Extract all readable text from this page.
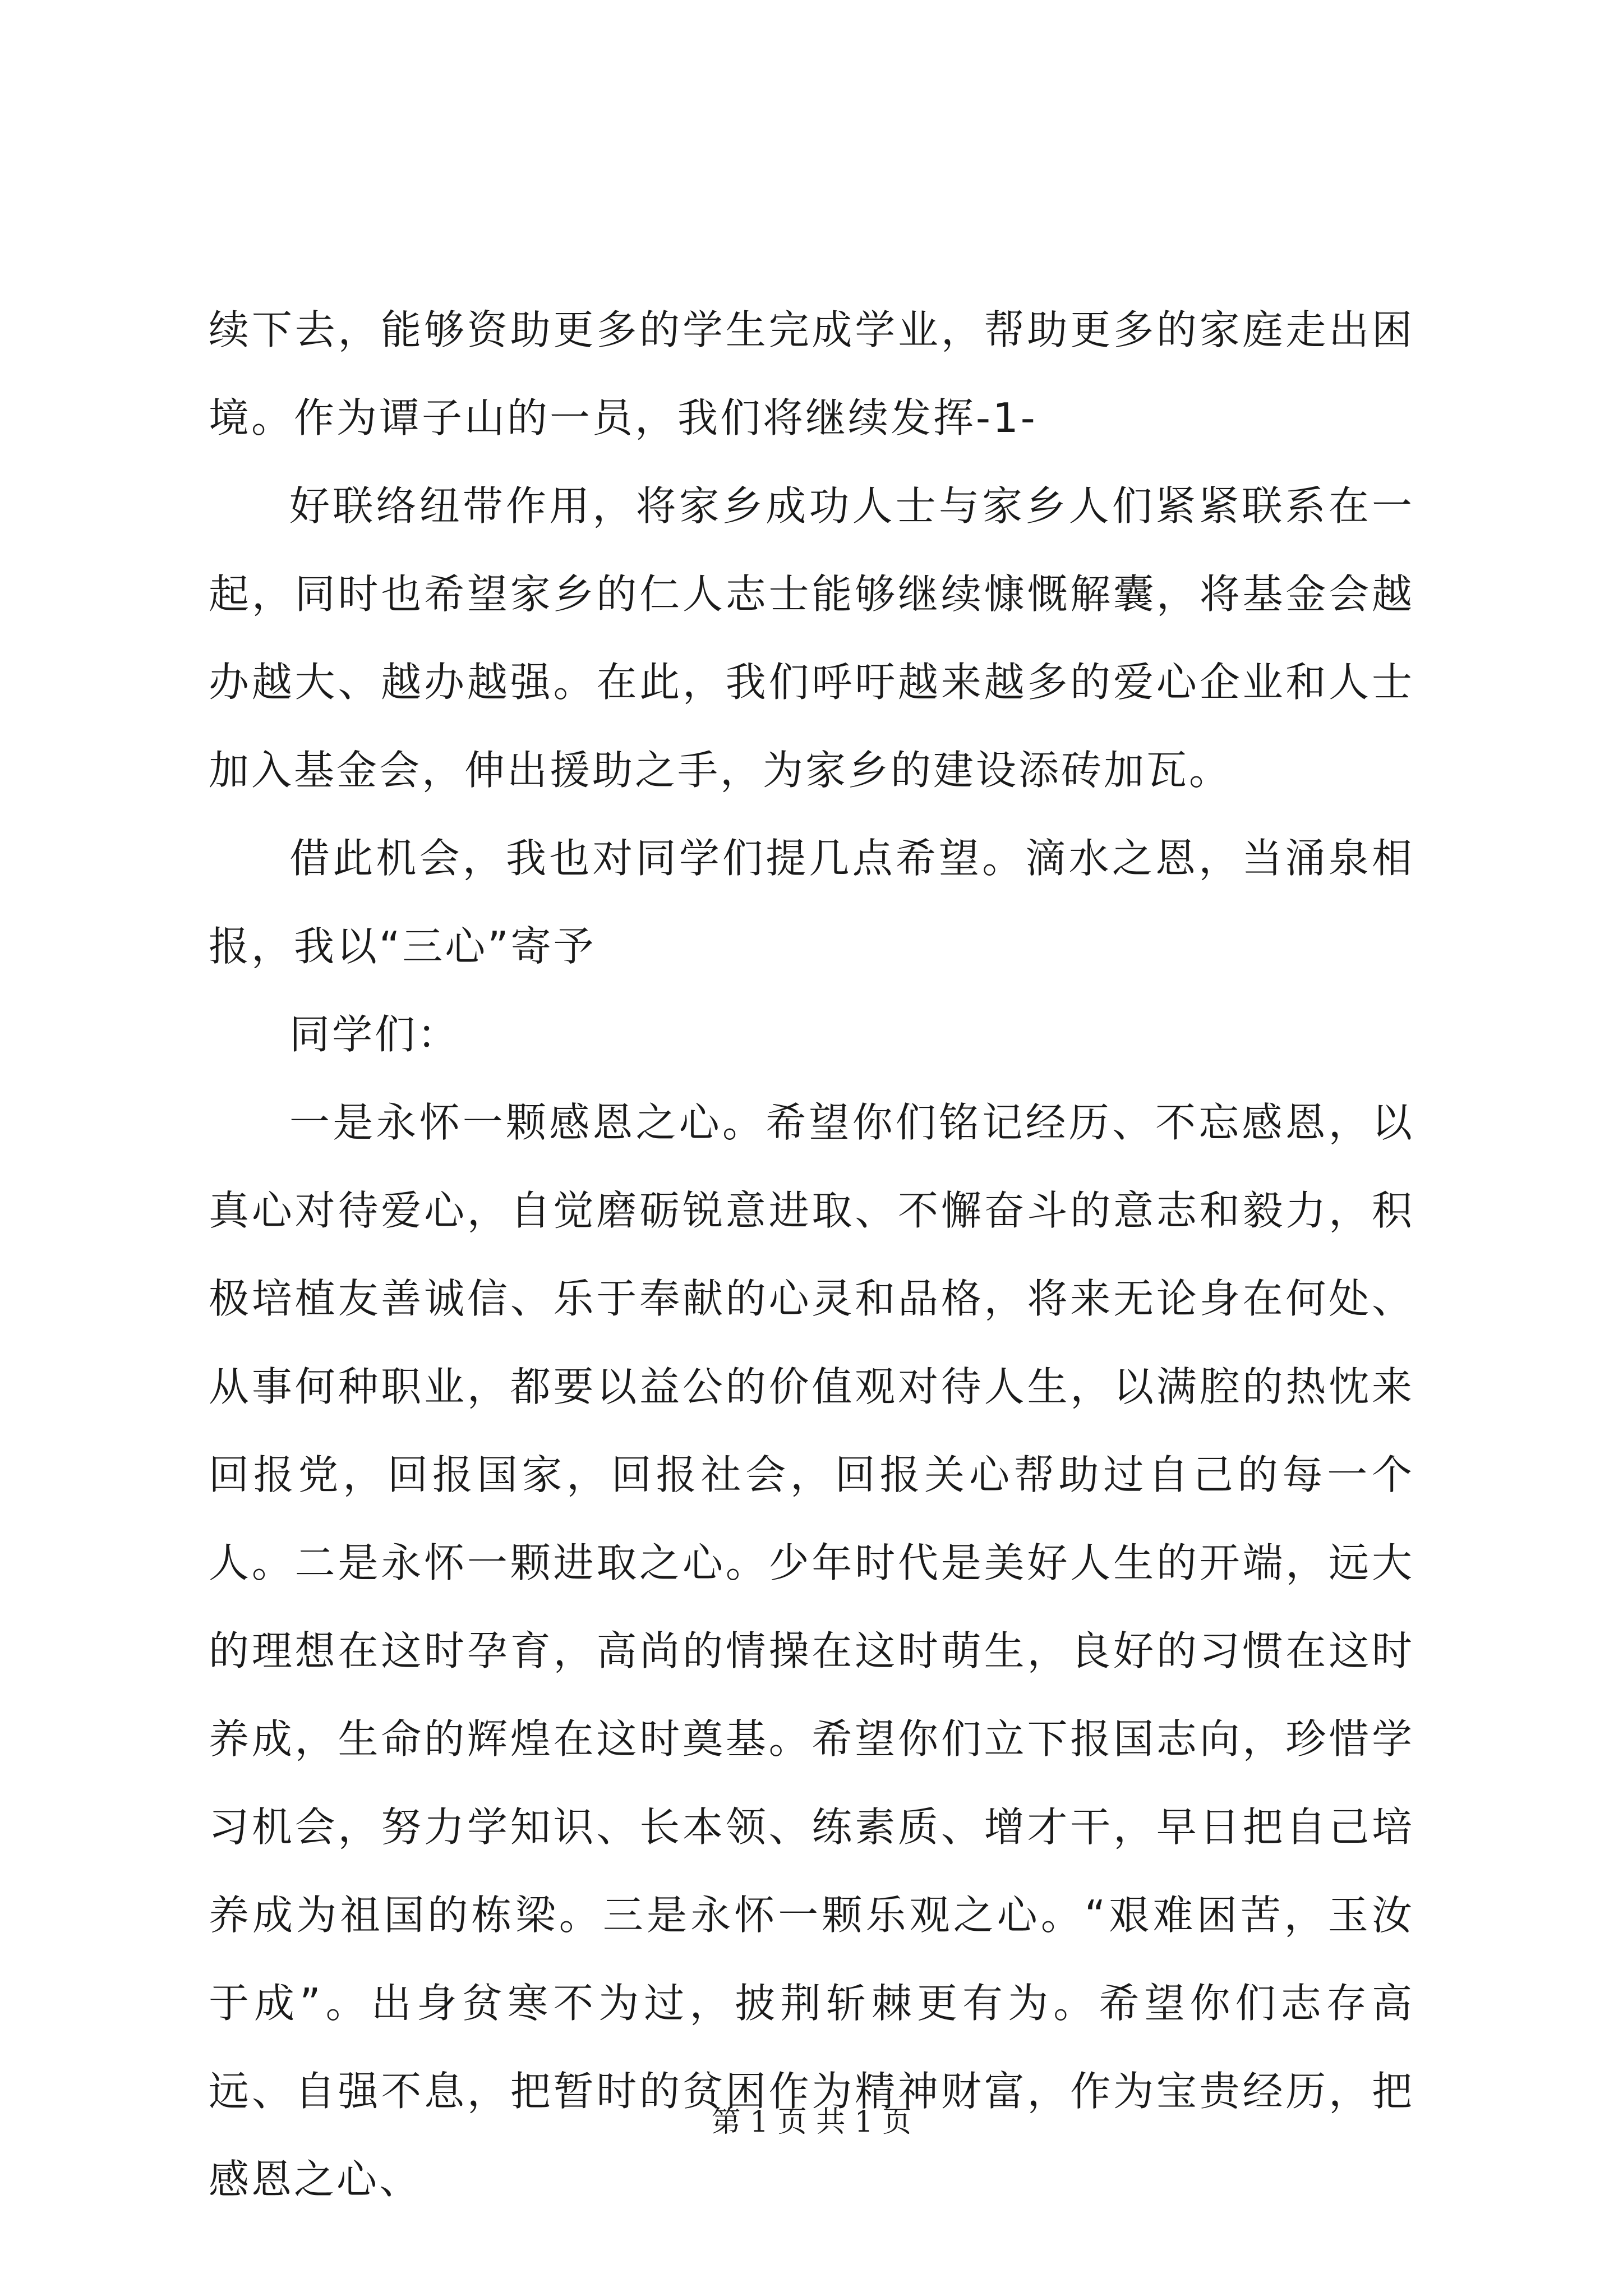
续下去，能够资助更多的学生完成学业，帮助更多的家庭走出困境。作为谭子山的一员，我们将继续发挥-1-

好联络纽带作用，将家乡成功人士与家乡人们紧紧联系在一起，同时也希望家乡的仁人志士能够继续慷慨解囊，将基金会越办越大、越办越强。在此，我们呼吁越来越多的爱心企业和人士加入基金会，伸出援助之手，为家乡的建设添砖加瓦。

借此机会，我也对同学们提几点希望。滴水之恩，当涌泉相报，我以“三心”寄予

同学们：

一是永怀一颗感恩之心。希望你们铭记经历、不忘感恩，以真心对待爱心，自觉磨砺锐意进取、不懈奋斗的意志和毅力，积极培植友善诚信、乐于奉献的心灵和品格，将来无论身在何处、从事何种职业，都要以益公的价值观对待人生，以满腔的热忱来回报党，回报国家，回报社会，回报关心帮助过自己的每一个人。二是永怀一颗进取之心。少年时代是美好人生的开端，远大的理想在这时孕育，高尚的情操在这时萌生，良好的习惯在这时养成，生命的辉煌在这时奠基。希望你们立下报国志向，珍惜学习机会，努力学知识、长本领、练素质、增才干，早日把自己培养成为祖国的栋梁。三是永怀一颗乐观之心。“艰难困苦，玉汝于成”。出身贫寒不为过，披荆斩棘更有为。希望你们志存高远、自强不息，把暂时的贫困作为精神财富，作为宝贵经历，把感恩之心、

第 1 页 共 1 页
